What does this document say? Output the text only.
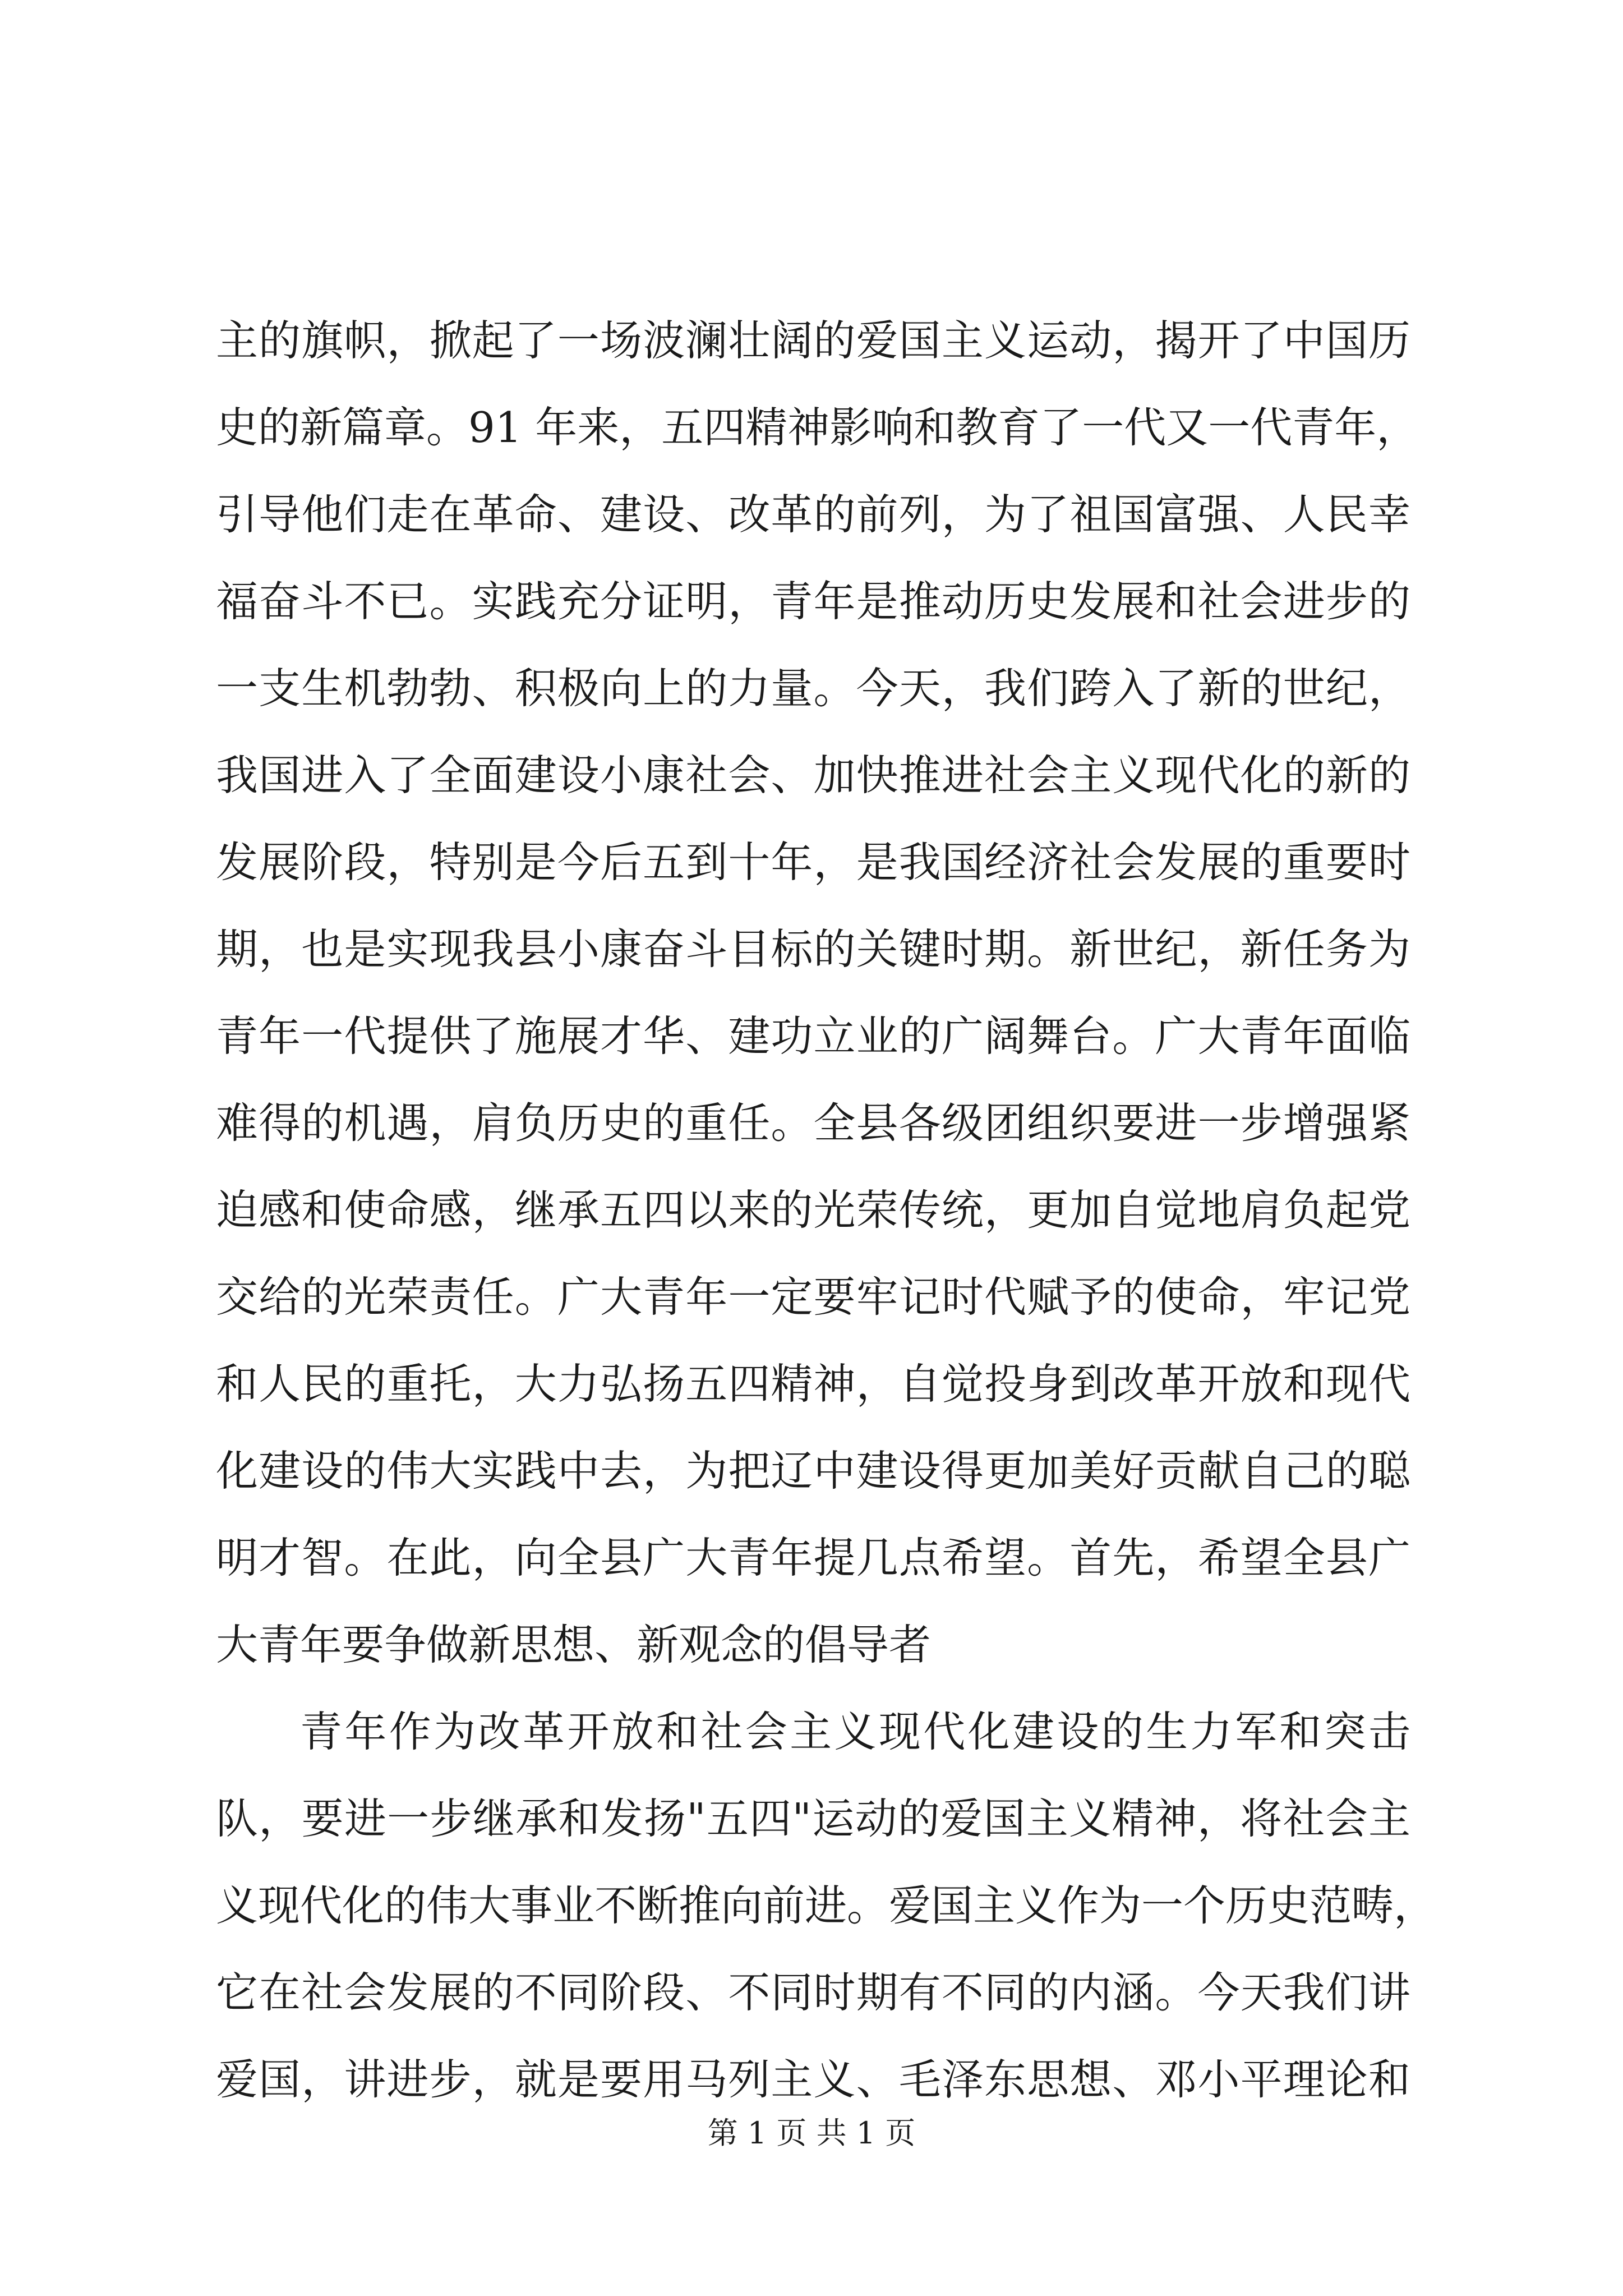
主的旗帜，掀起了一场波澜壮阔的爱国主义运动，揭开了中国历
史的新篇章。91 年来，五四精神影响和教育了一代又一代青年，
引导他们走在革命、建设、改革的前列，为了祖国富强、人民幸
福奋斗不已。实践充分证明，青年是推动历史发展和社会进步的
一支生机勃勃、积极向上的力量。今天，我们跨入了新的世纪，
我国进入了全面建设小康社会、加快推进社会主义现代化的新的
发展阶段，特别是今后五到十年，是我国经济社会发展的重要时
期，也是实现我县小康奋斗目标的关键时期。新世纪，新任务为
青年一代提供了施展才华、建功立业的广阔舞台。广大青年面临
难得的机遇，肩负历史的重任。全县各级团组织要进一步增强紧
迫感和使命感，继承五四以来的光荣传统，更加自觉地肩负起党
交给的光荣责任。广大青年一定要牢记时代赋予的使命，牢记党
和人民的重托，大力弘扬五四精神，自觉投身到改革开放和现代
化建设的伟大实践中去，为把辽中建设得更加美好贡献自己的聪
明才智。在此，向全县广大青年提几点希望。首先，希望全县广
大青年要争做新思想、新观念的倡导者
青年作为改革开放和社会主义现代化建设的生力军和突击
队，要进一步继承和发扬"五四"运动的爱国主义精神，将社会主
义现代化的伟大事业不断推向前进。爱国主义作为一个历史范畴，
它在社会发展的不同阶段、不同时期有不同的内涵。今天我们讲
爱国，讲进步，就是要用马列主义、毛泽东思想、邓小平理论和
第 1 页 共 1 页
